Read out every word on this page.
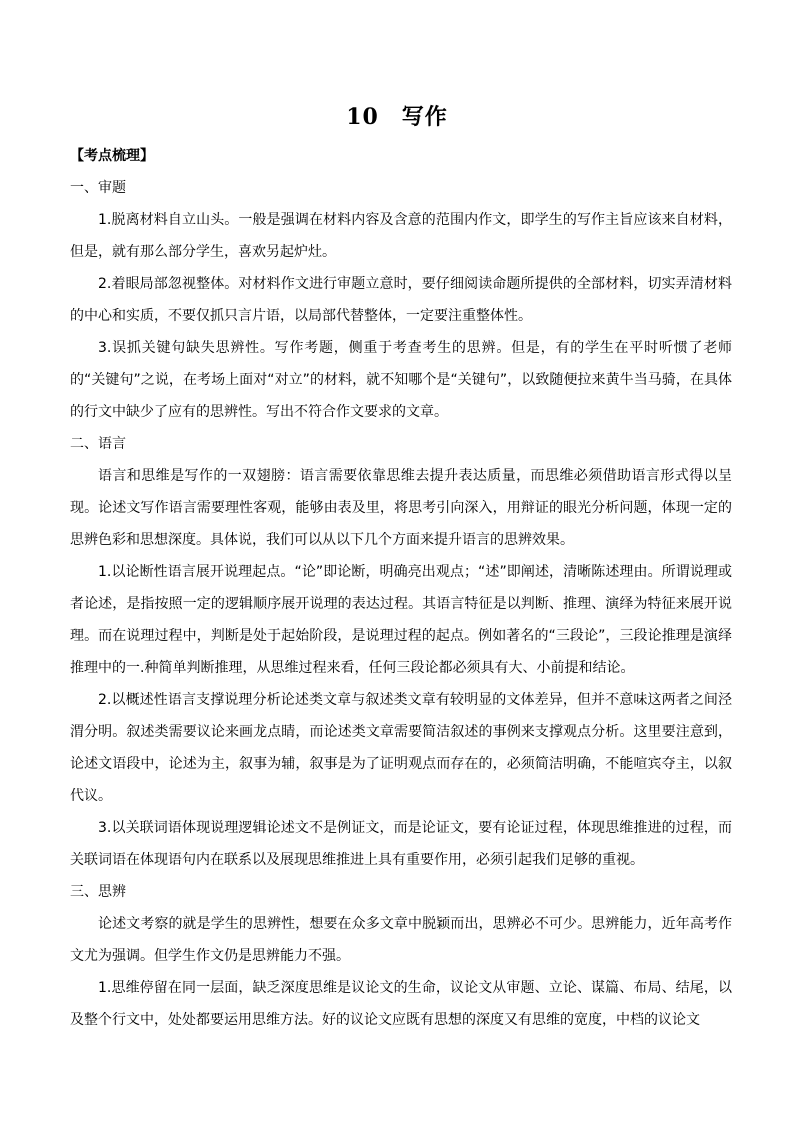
10　写作

【考点梳理】

一、审题

1.脱离材料自立山头。一般是强调在材料内容及含意的范围内作文，即学生的写作主旨应该来自材料，但是，就有那么部分学生，喜欢另起炉灶。

2.着眼局部忽视整体。对材料作文进行审题立意时，要仔细阅读命题所提供的全部材料，切实弄清材料的中心和实质，不要仅抓只言片语，以局部代替整体，一定要注重整体性。

3.误抓关键句缺失思辨性。写作考题，侧重于考查考生的思辨。但是，有的学生在平时听惯了老师的“关键句”之说，在考场上面对“对立”的材料，就不知哪个是“关键句”，以致随便拉来黄牛当马骑，在具体的行文中缺少了应有的思辨性。写出不符合作文要求的文章。

二、语言

语言和思维是写作的一双翅膀：语言需要依靠思维去提升表达质量，而思维必须借助语言形式得以呈现。论述文写作语言需要理性客观，能够由表及里，将思考引向深入，用辩证的眼光分析问题，体现一定的思辨色彩和思想深度。具体说，我们可以从以下几个方面来提升语言的思辨效果。

1.以论断性语言展开说理起点。“论”即论断，明确亮出观点；“述”即阐述，清晰陈述理由。所谓说理或者论述，是指按照一定的逻辑顺序展开说理的表达过程。其语言特征是以判断、推理、演绎为特征来展开说理。而在说理过程中，判断是处于起始阶段，是说理过程的起点。例如著名的“三段论”，三段论推理是演绎推理中的一.种简单判断推理，从思维过程来看，任何三段论都必须具有大、小前提和结论。

2.以概述性语言支撑说理分析论述类文章与叙述类文章有较明显的文体差异，但并不意味这两者之间泾渭分明。叙述类需要议论来画龙点睛，而论述类文章需要简洁叙述的事例来支撑观点分析。这里要注意到，论述文语段中，论述为主，叙事为辅，叙事是为了证明观点而存在的，必须简洁明确，不能喧宾夺主，以叙代议。

3.以关联词语体现说理逻辑论述文不是例证文，而是论证文，要有论证过程，体现思维推进的过程，而关联词语在体现语句内在联系以及展现思维推进上具有重要作用，必须引起我们足够的重视。

三、思辨

论述文考察的就是学生的思辨性，想要在众多文章中脱颖而出，思辨必不可少。思辨能力，近年高考作文尤为强调。但学生作文仍是思辨能力不强。

1.思维停留在同一层面，缺乏深度思维是议论文的生命，议论文从审题、立论、谋篇、布局、结尾，以及整个行文中，处处都要运用思维方法。好的议论文应既有思想的深度又有思维的宽度，中档的议论文
